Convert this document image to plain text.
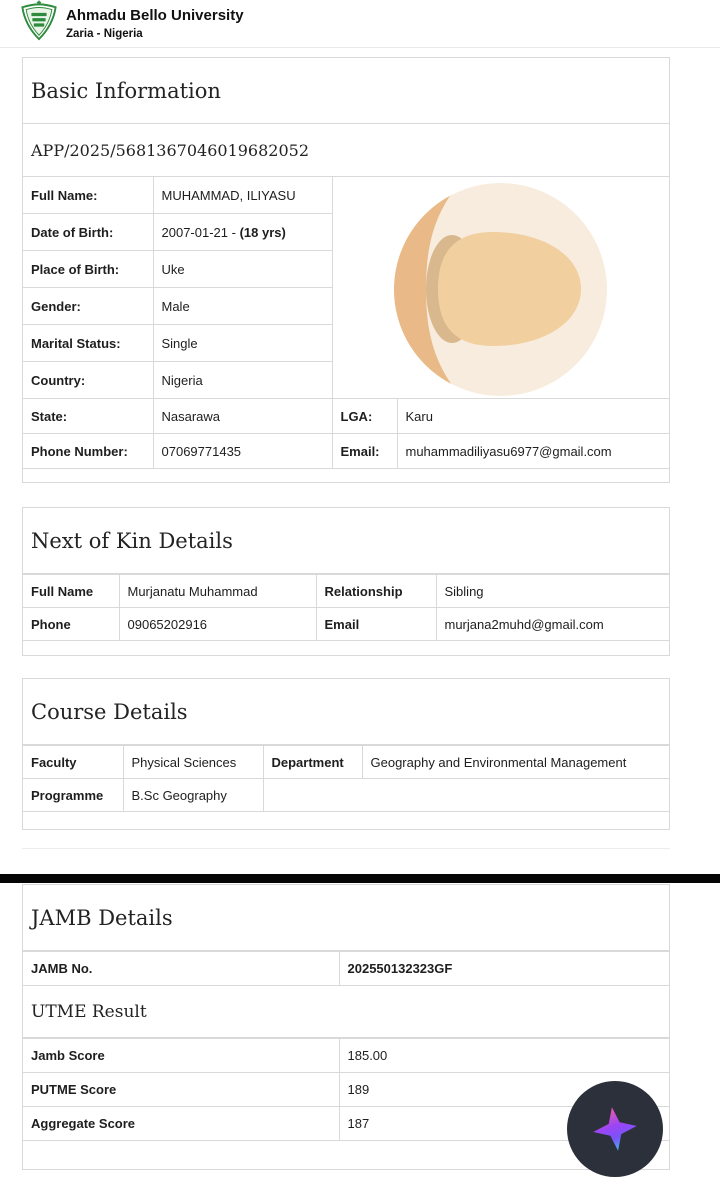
Ahmadu Bello University
Zaria - Nigeria
Basic Information
APP/2025/5681367046019682052
Full Name:	MUHAMMAD, ILIYASU	

Date of Birth:	2007-01-21 - (18 yrs)		
Place of Birth:	Uke		
Gender:	Male		
Marital Status:	Single		
Country:	Nigeria		
State:	Nasarawa	LGA:	Karu
Phone Number:	07069771435	Email:	muhammadiliyasu6977@gmail.com
Next of Kin Details
Full Name	Murjanatu Muhammad	Relationship	Sibling
Phone	09065202916	Email	murjana2muhd@gmail.com
Course Details
Faculty	Physical Sciences	Department	Geography and Environmental Management
Programme	B.Sc Geography		
JAMB Details
JAMB No.	202550132323GF
UTME Result
Jamb Score	185.00
PUTME Score	189
Aggregate Score	187
